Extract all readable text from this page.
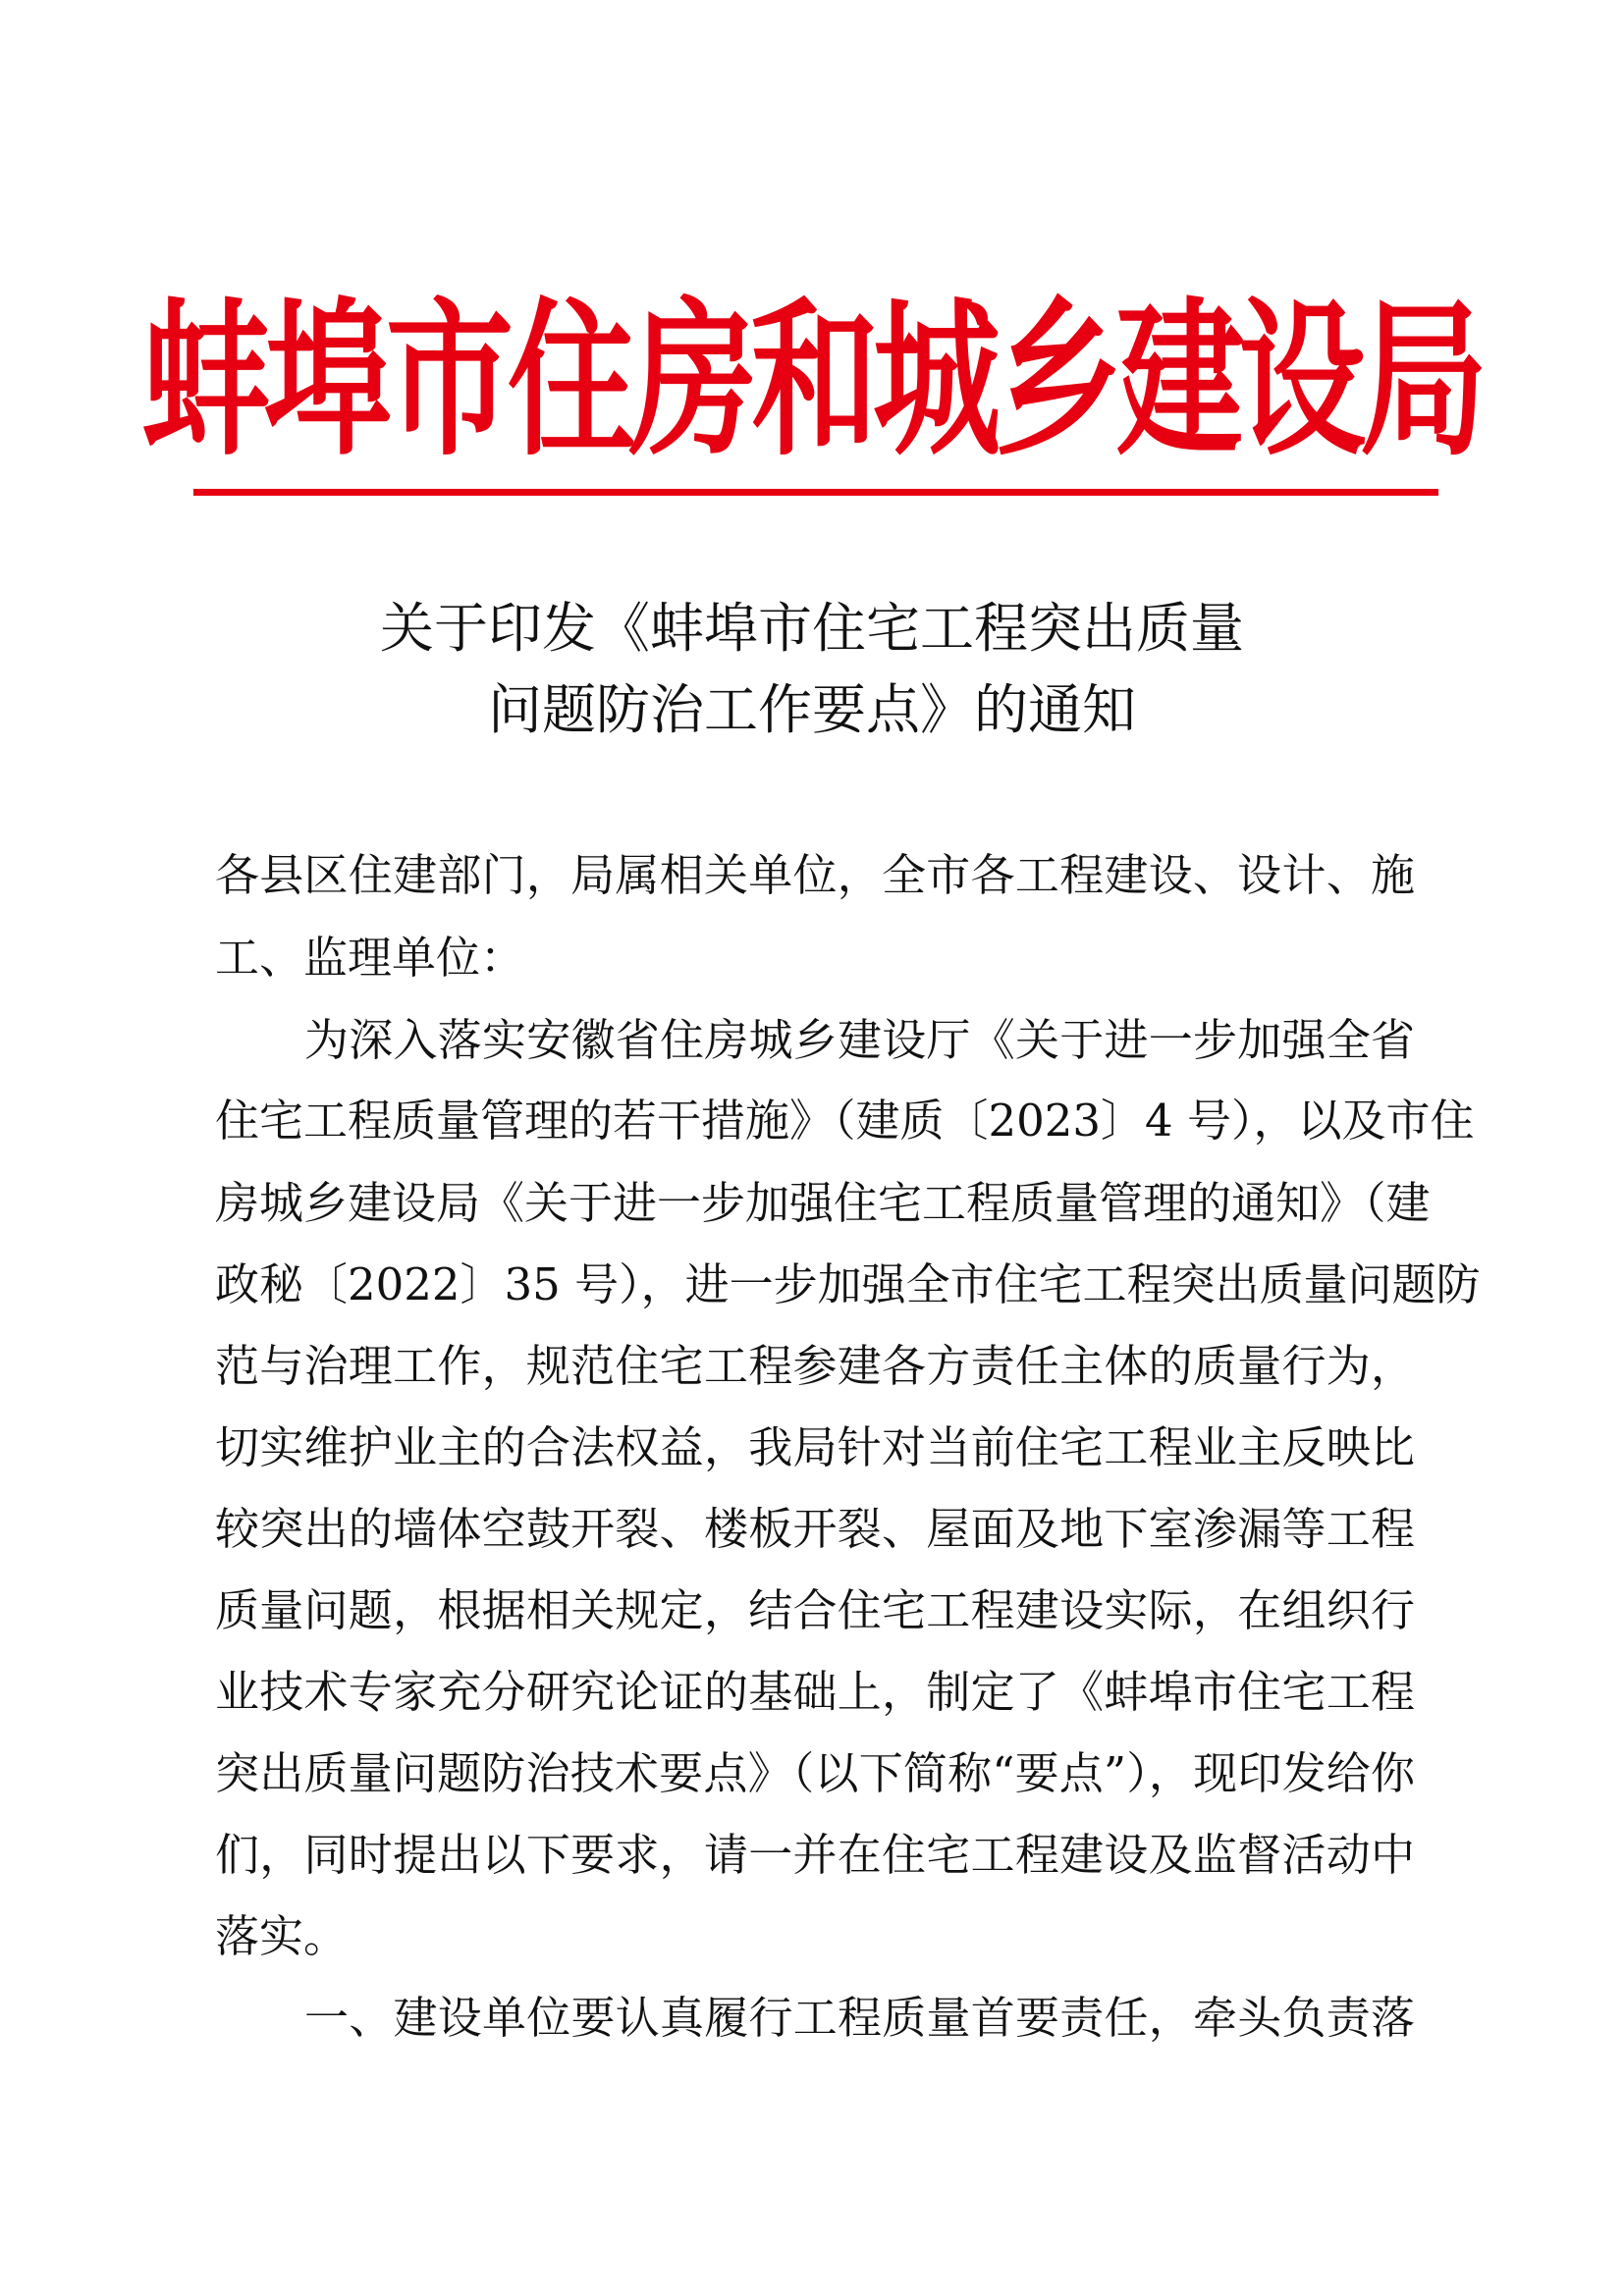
蚌埠市住房和城乡建设局
关于印发《蚌埠市住宅工程突出质量
问题防治工作要点》的通知

各县区住建部门，局属相关单位，全市各工程建设、设计、施

工、监理单位：

为深入落实安徽省住房城乡建设厅《关于进一步加强全省

住宅工程质量管理的若干措施》（建质〔2023〕4 号），以及市住

房城乡建设局《关于进一步加强住宅工程质量管理的通知》（建

政秘〔2022〕35 号），进一步加强全市住宅工程突出质量问题防

范与治理工作，规范住宅工程参建各方责任主体的质量行为，

切实维护业主的合法权益，我局针对当前住宅工程业主反映比

较突出的墙体空鼓开裂、楼板开裂、屋面及地下室渗漏等工程

质量问题，根据相关规定，结合住宅工程建设实际，在组织行

业技术专家充分研究论证的基础上，制定了《蚌埠市住宅工程

突出质量问题防治技术要点》（以下简称“要点”），现印发给你

们，同时提出以下要求，请一并在住宅工程建设及监督活动中

落实。

一、建设单位要认真履行工程质量首要责任，牵头负责落
